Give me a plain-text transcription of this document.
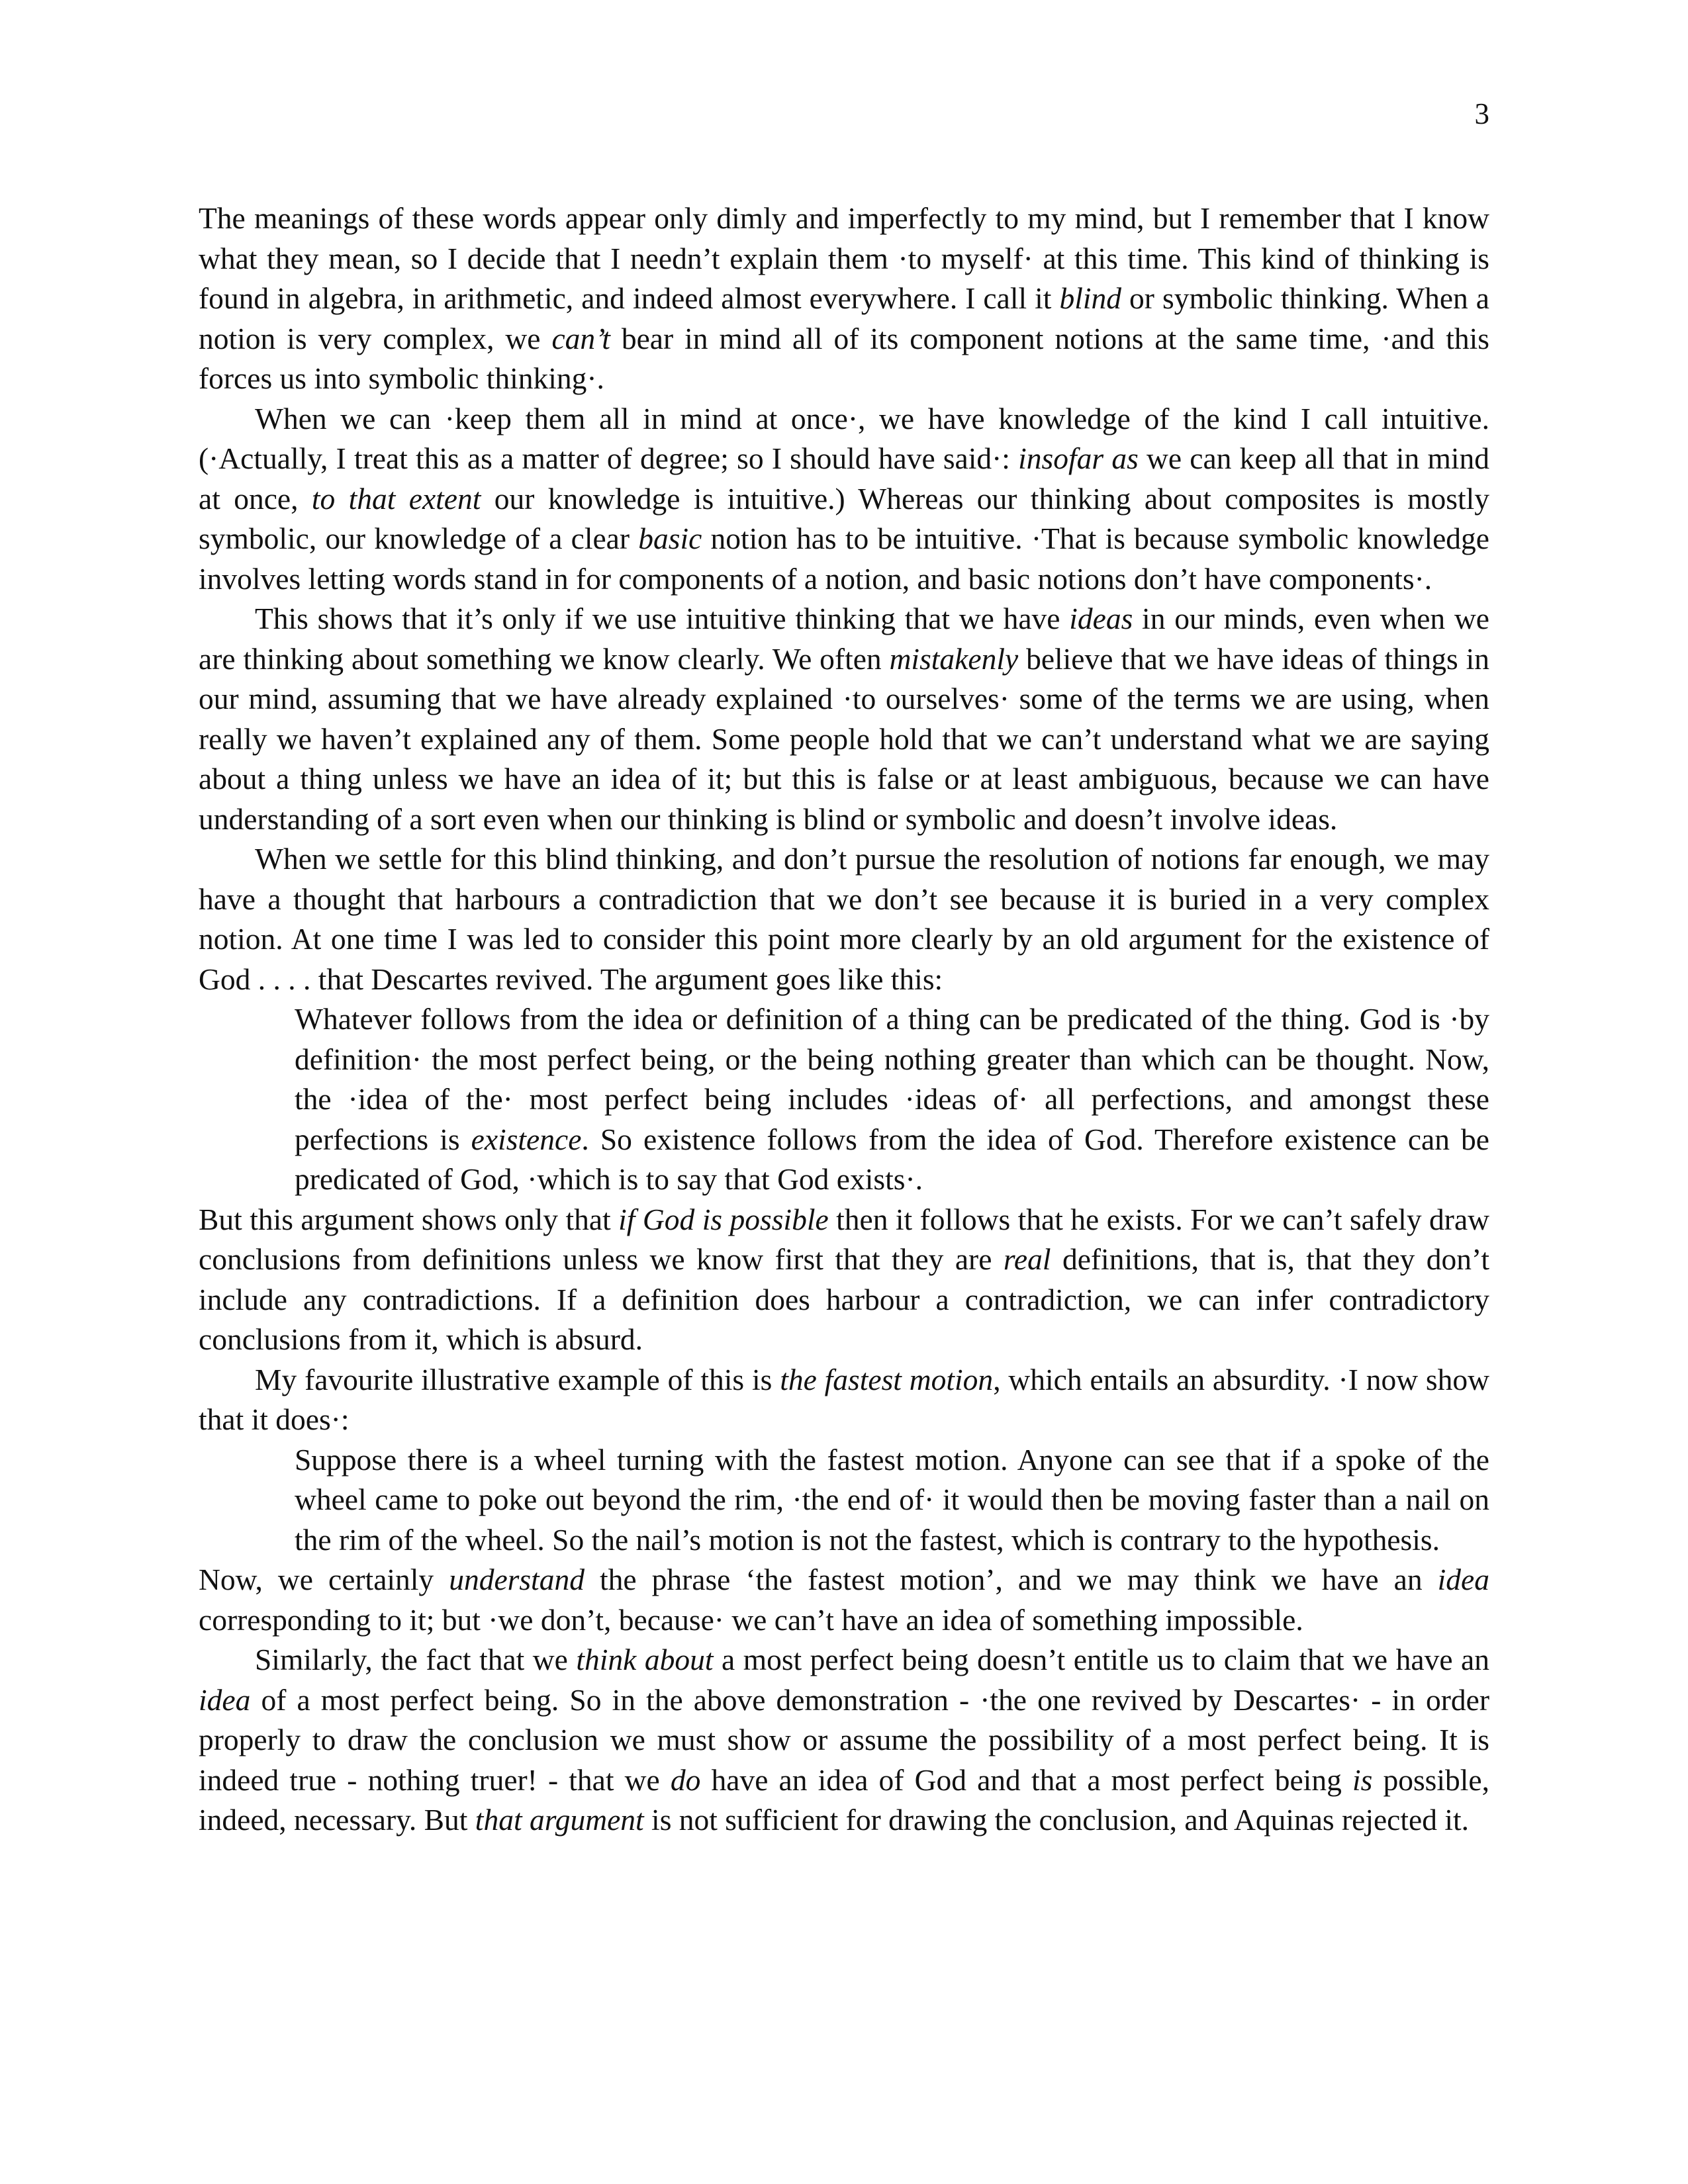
3

The meanings of these words appear only dimly and imperfectly to my mind, but I remember that I know what they mean, so I decide that I needn’t explain them ·to myself· at this time. This kind of thinking is found in algebra, in arithmetic, and indeed almost everywhere. I call it blind or symbolic thinking. When a notion is very complex, we can’t bear in mind all of its component notions at the same time, ·and this forces us into symbolic thinking·.

When we can ·keep them all in mind at once·, we have knowledge of the kind I call intuitive. (·Actually, I treat this as a matter of degree; so I should have said·: insofar as we can keep all that in mind at once, to that extent our knowledge is intuitive.) Whereas our thinking about composites is mostly symbolic, our knowledge of a clear basic notion has to be intuitive. ·That is because symbolic knowledge involves letting words stand in for components of a notion, and basic notions don’t have components·.

This shows that it’s only if we use intuitive thinking that we have ideas in our minds, even when we are thinking about something we know clearly. We often mistakenly believe that we have ideas of things in our mind, assuming that we have already explained ·to ourselves· some of the terms we are using, when really we haven’t explained any of them. Some people hold that we can’t understand what we are saying about a thing unless we have an idea of it; but this is false or at least ambiguous, because we can have understanding of a sort even when our thinking is blind or symbolic and doesn’t involve ideas.

When we settle for this blind thinking, and don’t pursue the resolution of notions far enough, we may have a thought that harbours a contradiction that we don’t see because it is buried in a very complex notion. At one time I was led to consider this point more clearly by an old argument for the existence of God . . . . that Descartes revived. The argument goes like this:

Whatever follows from the idea or definition of a thing can be predicated of the thing. God is ·by definition· the most perfect being, or the being nothing greater than which can be thought. Now, the ·idea of the· most perfect being includes ·ideas of· all perfections, and amongst these perfections is existence. So existence follows from the idea of God. Therefore existence can be predicated of God, ·which is to say that God exists·.

But this argument shows only that if God is possible then it follows that he exists. For we can’t safely draw conclusions from definitions unless we know first that they are real definitions, that is, that they don’t include any contradictions. If a definition does harbour a contradiction, we can infer contradictory conclusions from it, which is absurd.

My favourite illustrative example of this is the fastest motion, which entails an absurdity. ·I now show that it does·:

Suppose there is a wheel turning with the fastest motion. Anyone can see that if a spoke of the wheel came to poke out beyond the rim, ·the end of· it would then be moving faster than a nail on the rim of the wheel. So the nail’s motion is not the fastest, which is contrary to the hypothesis.

Now, we certainly understand the phrase ‘the fastest motion’, and we may think we have an idea corresponding to it; but ·we don’t, because· we can’t have an idea of something impossible.

Similarly, the fact that we think about a most perfect being doesn’t entitle us to claim that we have an idea of a most perfect being. So in the above demonstration - ·the one revived by Descartes· - in order properly to draw the conclusion we must show or assume the possibility of a most perfect being. It is indeed true - nothing truer! - that we do have an idea of God and that a most perfect being is possible, indeed, necessary. But that argument is not sufficient for drawing the conclusion, and Aquinas rejected it.
